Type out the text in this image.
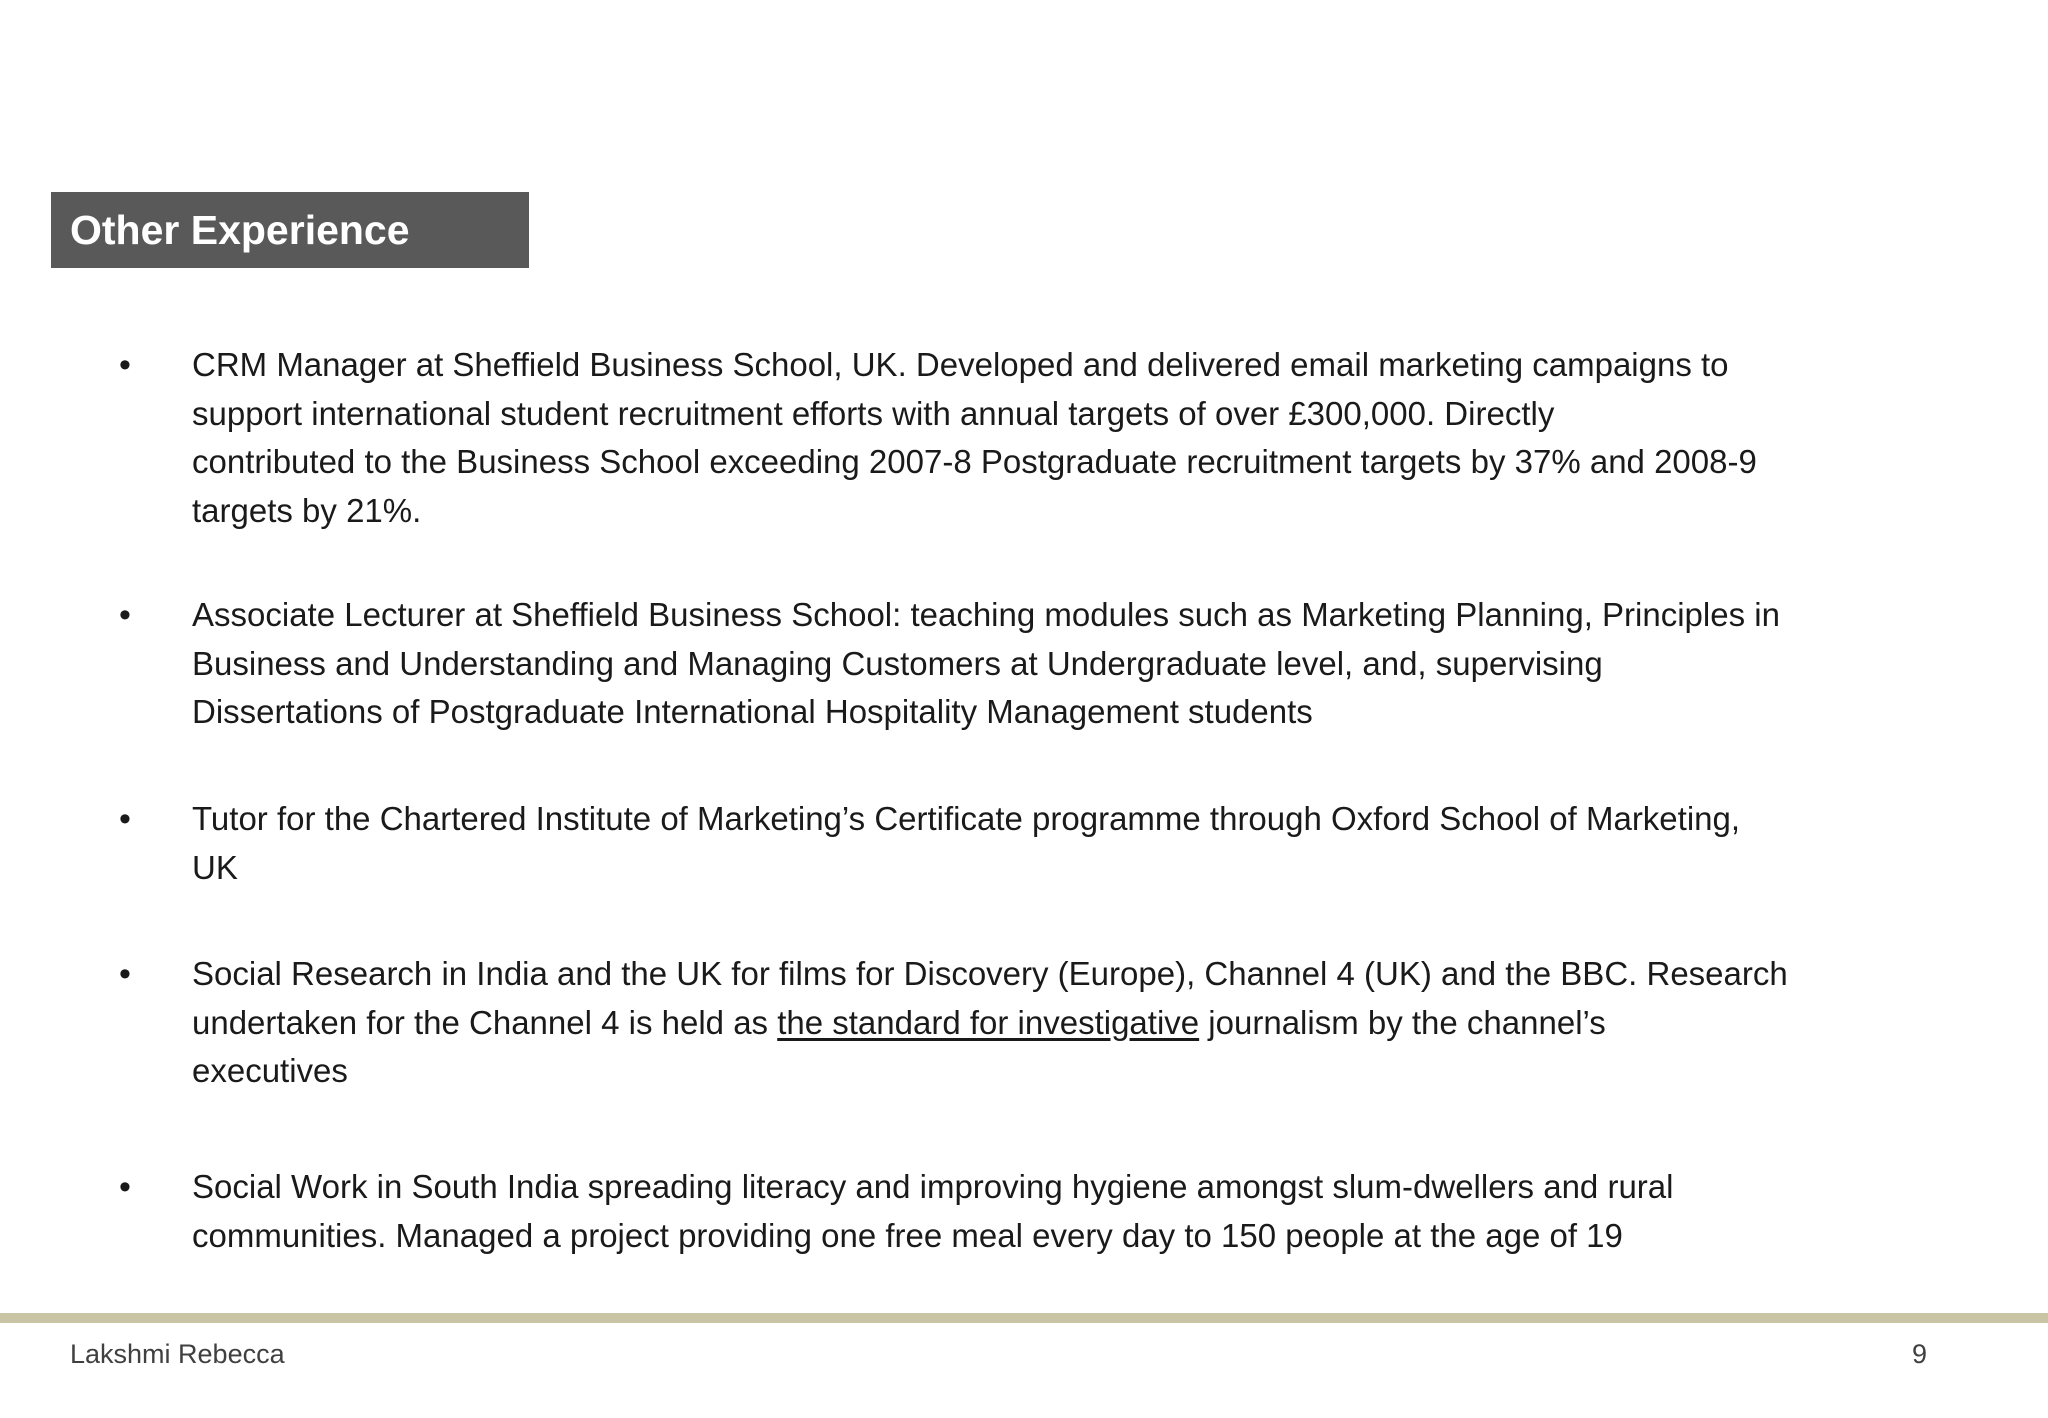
Other Experience
• CRM Manager at Sheffield Business School, UK. Developed and delivered email marketing campaigns to
support international student recruitment efforts with annual targets of over £300,000. Directly
contributed to the Business School exceeding 2007-8 Postgraduate recruitment targets by 37% and 2008-9
targets by 21%.
• Associate Lecturer at Sheffield Business School: teaching modules such as Marketing Planning, Principles in
Business and Understanding and Managing Customers at Undergraduate level, and, supervising
Dissertations of Postgraduate International Hospitality Management students
• Tutor for the Chartered Institute of Marketing’s Certificate programme through Oxford School of Marketing,
UK
• Social Research in India and the UK for films for Discovery (Europe), Channel 4 (UK) and the BBC. Research
undertaken for the Channel 4 is held as the standard for investigative journalism by the channel’s
executives
• Social Work in South India spreading literacy and improving hygiene amongst slum-dwellers and rural
communities. Managed a project providing one free meal every day to 150 people at the age of 19
Lakshmi Rebecca	9
